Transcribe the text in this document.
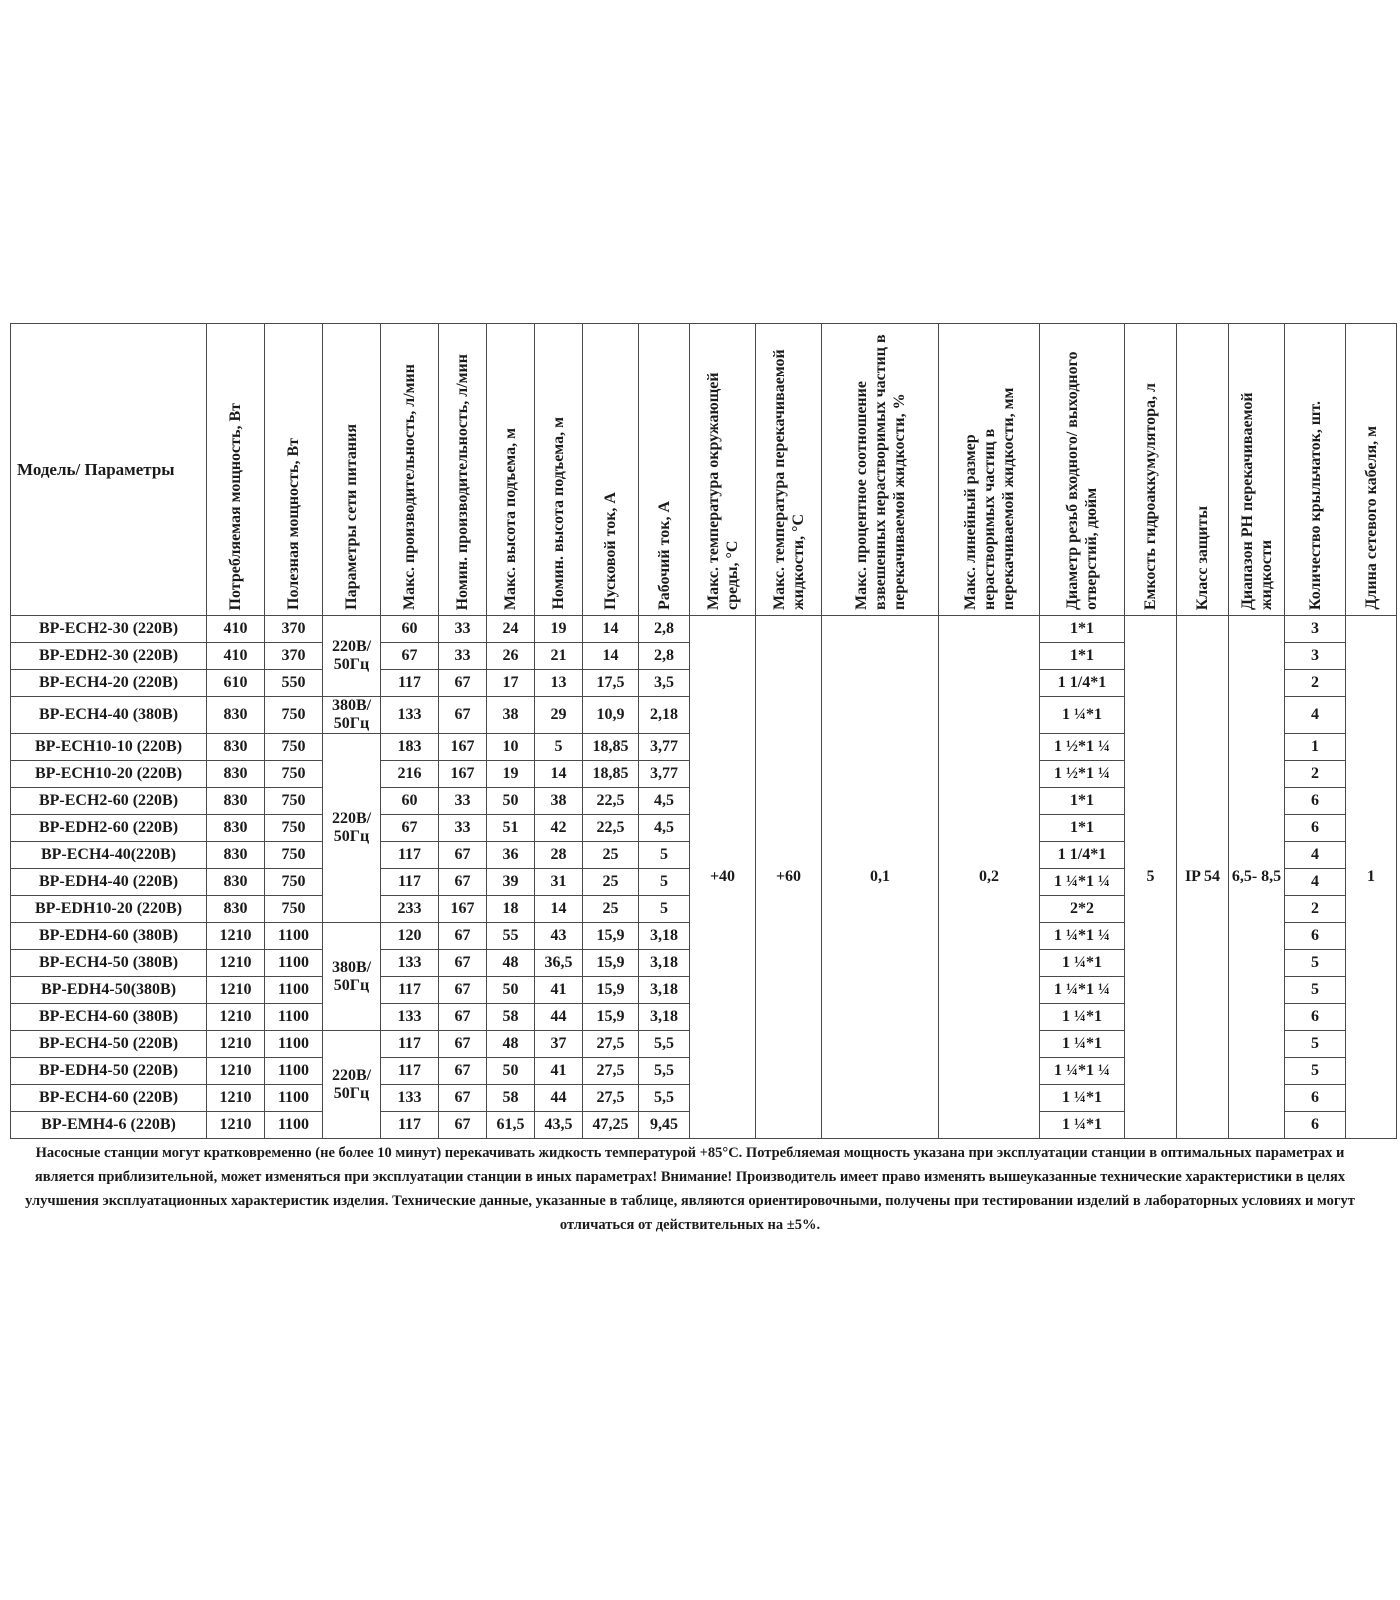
Модель/ Параметры	Потребляемая мощность, Вт	Полезная мощность, Вт	Параметры сети питания	Макс. производительность, л/мин	Номин. производительность, л/мин	Макс. высота подъема, м	Номин. высота подъема, м	Пусковой ток, А	Рабочий ток, А	Макс. температура окружающей среды, °С	Макс. температура перекачиваемой жидкости, °С	Макс. процентное соотношение взвешенных нерастворимых частиц в перекачиваемой жидкости, %	Макс. линейный размер нерастворимых частиц в перекачиваемой жидкости, мм	Диаметр резьб входного/ выходного отверстий, дюйм	Емкость гидроаккумулятора, л	Класс защиты	Диапазон PH перекачиваемой жидкости	Количество крыльчаток, шт.	Длина сетевого кабеля, м
BP-ECH2-30 (220В)	410	370	220В/ 50Гц	60	33	24	19	14	2,8	+40	+60	0,1	0,2	1*1	5	IP 54	6,5- 8,5	3	1
BP-EDH2-30 (220В)	410	370		67	33	26	21	14	2,8					1*1				3	
BP-ECH4-20 (220В)	610	550		117	67	17	13	17,5	3,5					1 1/4*1				2	
BP-ECH4-40 (380В)	830	750	380В/ 50Гц	133	67	38	29	10,9	2,18					1 ¼*1				4	
BP-ECH10-10 (220В)	830	750	220В/ 50Гц	183	167	10	5	18,85	3,77					1 ½*1 ¼				1	
BP-ECH10-20 (220В)	830	750		216	167	19	14	18,85	3,77					1 ½*1 ¼				2	
BP-ECH2-60 (220В)	830	750		60	33	50	38	22,5	4,5					1*1				6	
BP-EDH2-60 (220В)	830	750		67	33	51	42	22,5	4,5					1*1				6	
BP-ECH4-40(220В)	830	750		117	67	36	28	25	5					1 1/4*1				4	
BP-EDH4-40 (220В)	830	750		117	67	39	31	25	5					1 ¼*1 ¼				4	
BP-EDH10-20 (220В)	830	750		233	167	18	14	25	5					2*2				2	
BP-EDH4-60 (380В)	1210	1100	380В/ 50Гц	120	67	55	43	15,9	3,18					1 ¼*1 ¼				6	
BP-ECH4-50 (380В)	1210	1100		133	67	48	36,5	15,9	3,18					1 ¼*1				5	
BP-EDH4-50(380В)	1210	1100		117	67	50	41	15,9	3,18					1 ¼*1 ¼				5	
BP-ECH4-60 (380В)	1210	1100		133	67	58	44	15,9	3,18					1 ¼*1				6	
BP-ECH4-50 (220В)	1210	1100	220В/ 50Гц	117	67	48	37	27,5	5,5					1 ¼*1				5	
BP-EDH4-50 (220В)	1210	1100		117	67	50	41	27,5	5,5					1 ¼*1 ¼				5	
BP-ECH4-60 (220В)	1210	1100		133	67	58	44	27,5	5,5					1 ¼*1				6	
BP-EMH4-6 (220В)	1210	1100		117	67	61,5	43,5	47,25	9,45					1 ¼*1				6	

Насосные станции могут кратковременно (не более 10 минут) перекачивать жидкость температурой +85°С. Потребляемая мощность указана при эксплуатации станции в оптимальных параметрах и является приблизительной, может изменяться при эксплуатации станции в иных параметрах! Внимание! Производитель имеет право изменять вышеуказанные технические характеристики в целях улучшения эксплуатационных характеристик изделия. Технические данные, указанные в таблице, являются ориентировочными, получены при тестировании изделий в лабораторных условиях и могут отличаться от действительных на ±5%.
